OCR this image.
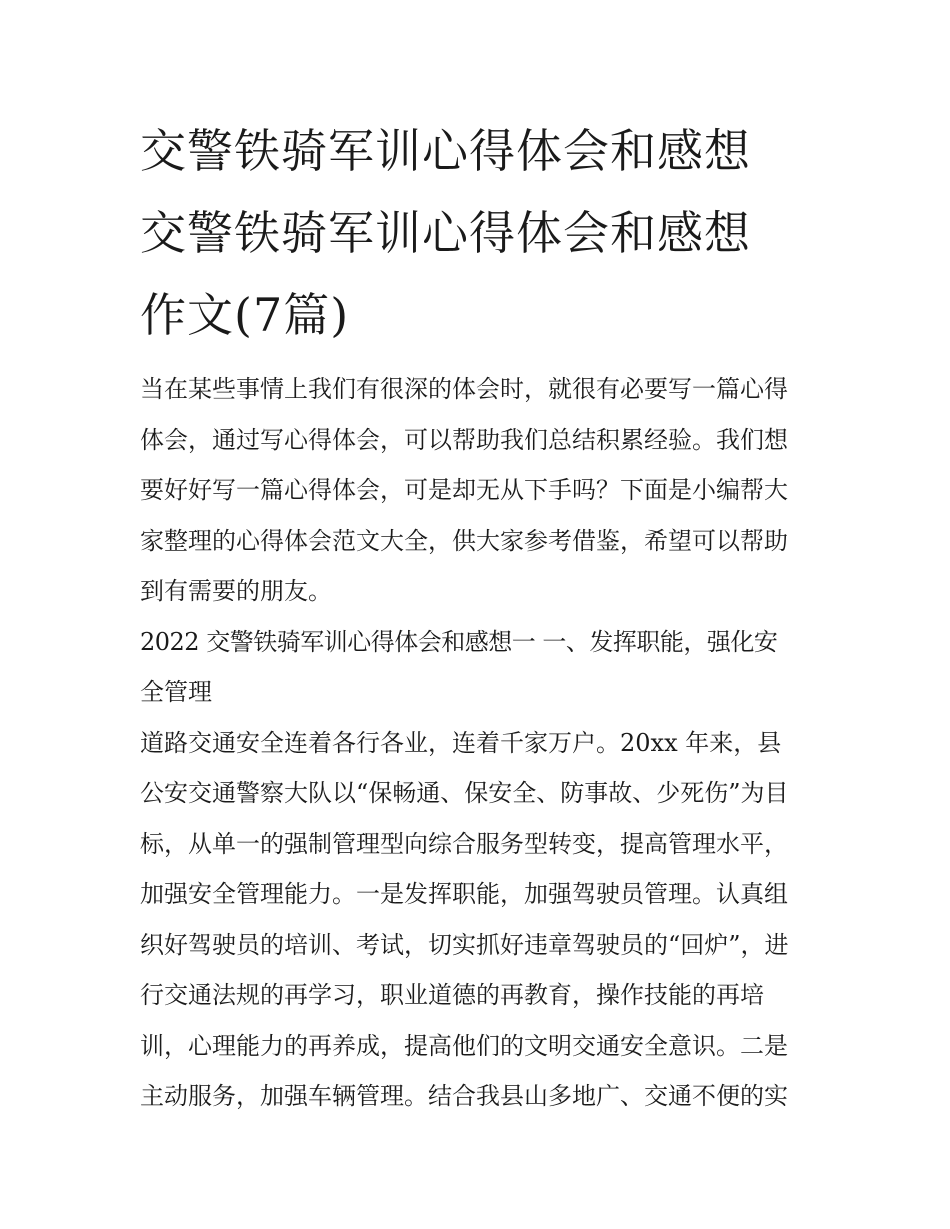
交警铁骑军训心得体会和感想
交警铁骑军训心得体会和感想
作文(7篇)
当在某些事情上我们有很深的体会时，就很有必要写一篇心得
体会，通过写心得体会，可以帮助我们总结积累经验。我们想
要好好写一篇心得体会，可是却无从下手吗？下面是小编帮大
家整理的心得体会范文大全，供大家参考借鉴，希望可以帮助
到有需要的朋友。
2022 交警铁骑军训心得体会和感想一 一、发挥职能，强化安
全管理
道路交通安全连着各行各业，连着千家万户。20xx 年来，县
公安交通警察大队以“保畅通、保安全、防事故、少死伤”为目
标，从单一的强制管理型向综合服务型转变，提高管理水平，
加强安全管理能力。一是发挥职能，加强驾驶员管理。认真组
织好驾驶员的培训、考试，切实抓好违章驾驶员的“回炉”，进
行交通法规的再学习，职业道德的再教育，操作技能的再培
训，心理能力的再养成，提高他们的文明交通安全意识。二是
主动服务，加强车辆管理。结合我县山多地广、交通不便的实
